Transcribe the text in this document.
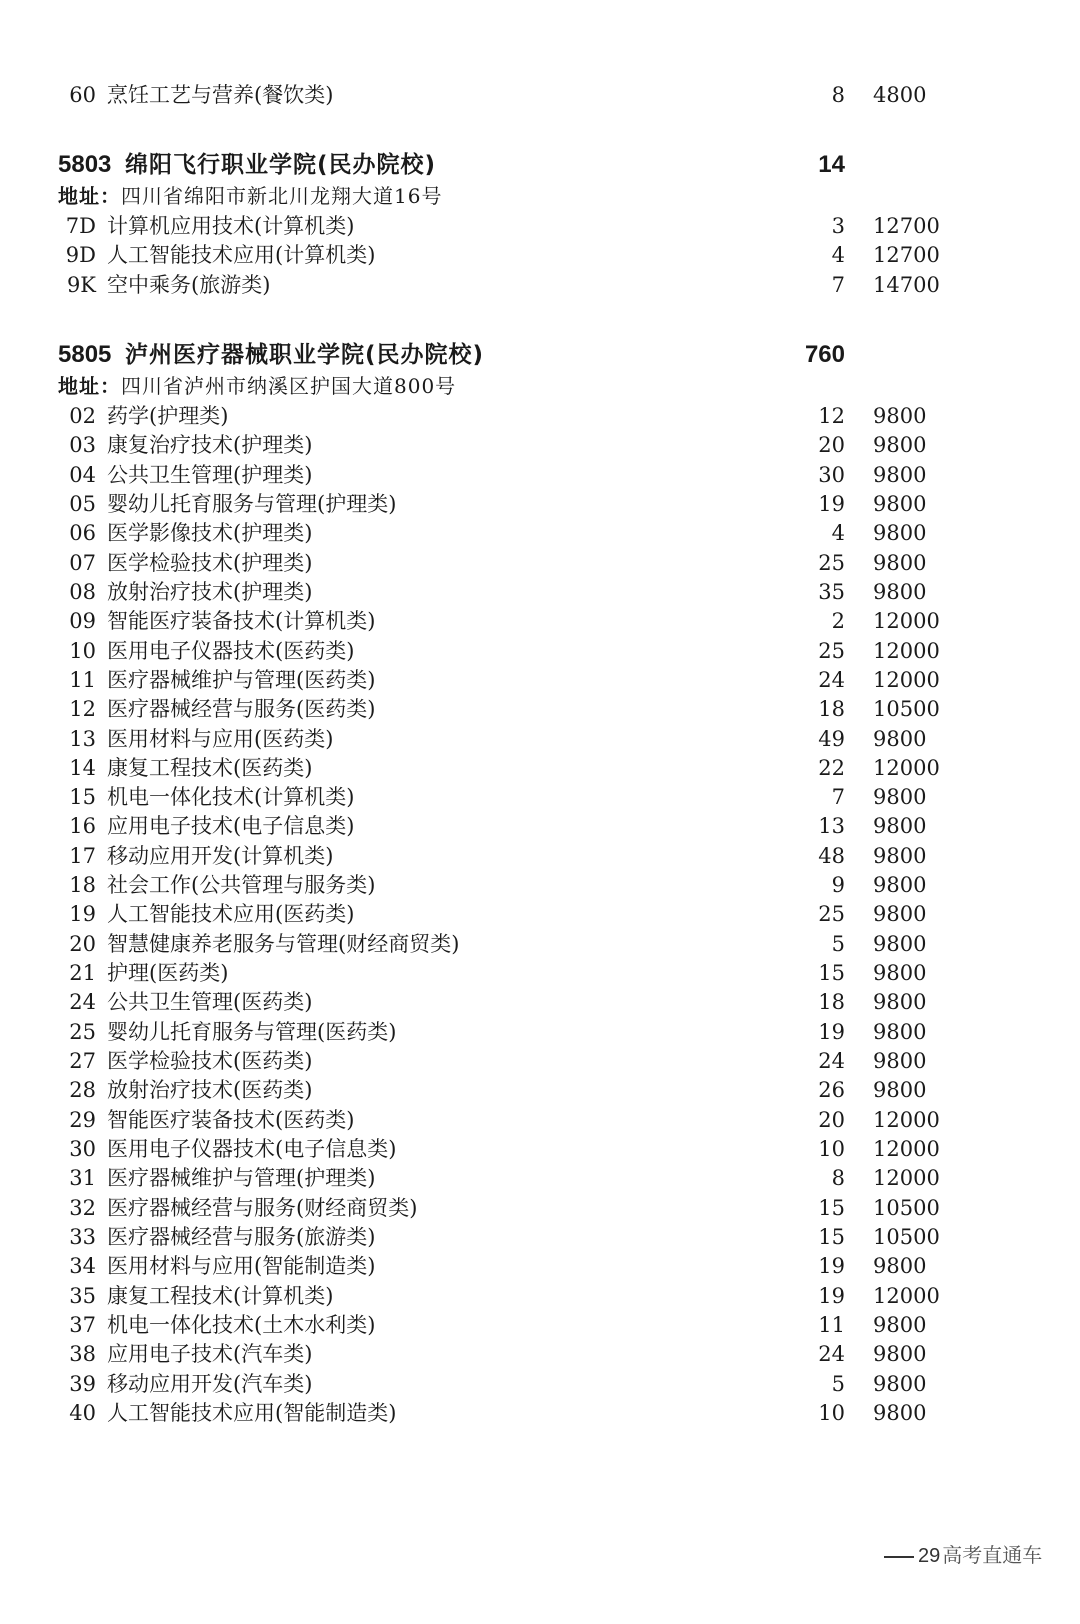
60 烹饪工艺与营养(餐饮类)	8 4800
5803 绵阳飞行职业学院(民办院校)	14
地址：四川省绵阳市新北川龙翔大道16号
7D 计算机应用技术(计算机类)	3 12700
9D 人工智能技术应用(计算机类)	4 12700
9K 空中乘务(旅游类)	7 14700
5805 泸州医疗器械职业学院(民办院校)	760
地址：四川省泸州市纳溪区护国大道800号
02 药学(护理类)	12 9800
03 康复治疗技术(护理类)	20 9800
04 公共卫生管理(护理类)	30 9800
05 婴幼儿托育服务与管理(护理类)	19 9800
06 医学影像技术(护理类)	4 9800
07 医学检验技术(护理类)	25 9800
08 放射治疗技术(护理类)	35 9800
09 智能医疗装备技术(计算机类)	2 12000
10 医用电子仪器技术(医药类)	25 12000
11 医疗器械维护与管理(医药类)	24 12000
12 医疗器械经营与服务(医药类)	18 10500
13 医用材料与应用(医药类)	49 9800
14 康复工程技术(医药类)	22 12000
15 机电一体化技术(计算机类)	7 9800
16 应用电子技术(电子信息类)	13 9800
17 移动应用开发(计算机类)	48 9800
18 社会工作(公共管理与服务类)	9 9800
19 人工智能技术应用(医药类)	25 9800
20 智慧健康养老服务与管理(财经商贸类)	5 9800
21 护理(医药类)	15 9800
24 公共卫生管理(医药类)	18 9800
25 婴幼儿托育服务与管理(医药类)	19 9800
27 医学检验技术(医药类)	24 9800
28 放射治疗技术(医药类)	26 9800
29 智能医疗装备技术(医药类)	20 12000
30 医用电子仪器技术(电子信息类)	10 12000
31 医疗器械维护与管理(护理类)	8 12000
32 医疗器械经营与服务(财经商贸类)	15 10500
33 医疗器械经营与服务(旅游类)	15 10500
34 医用材料与应用(智能制造类)	19 9800
35 康复工程技术(计算机类)	19 12000
37 机电一体化技术(土木水利类)	11 9800
38 应用电子技术(汽车类)	24 9800
39 移动应用开发(汽车类)	5 9800
40 人工智能技术应用(智能制造类)	10 9800
29 高考直通车
